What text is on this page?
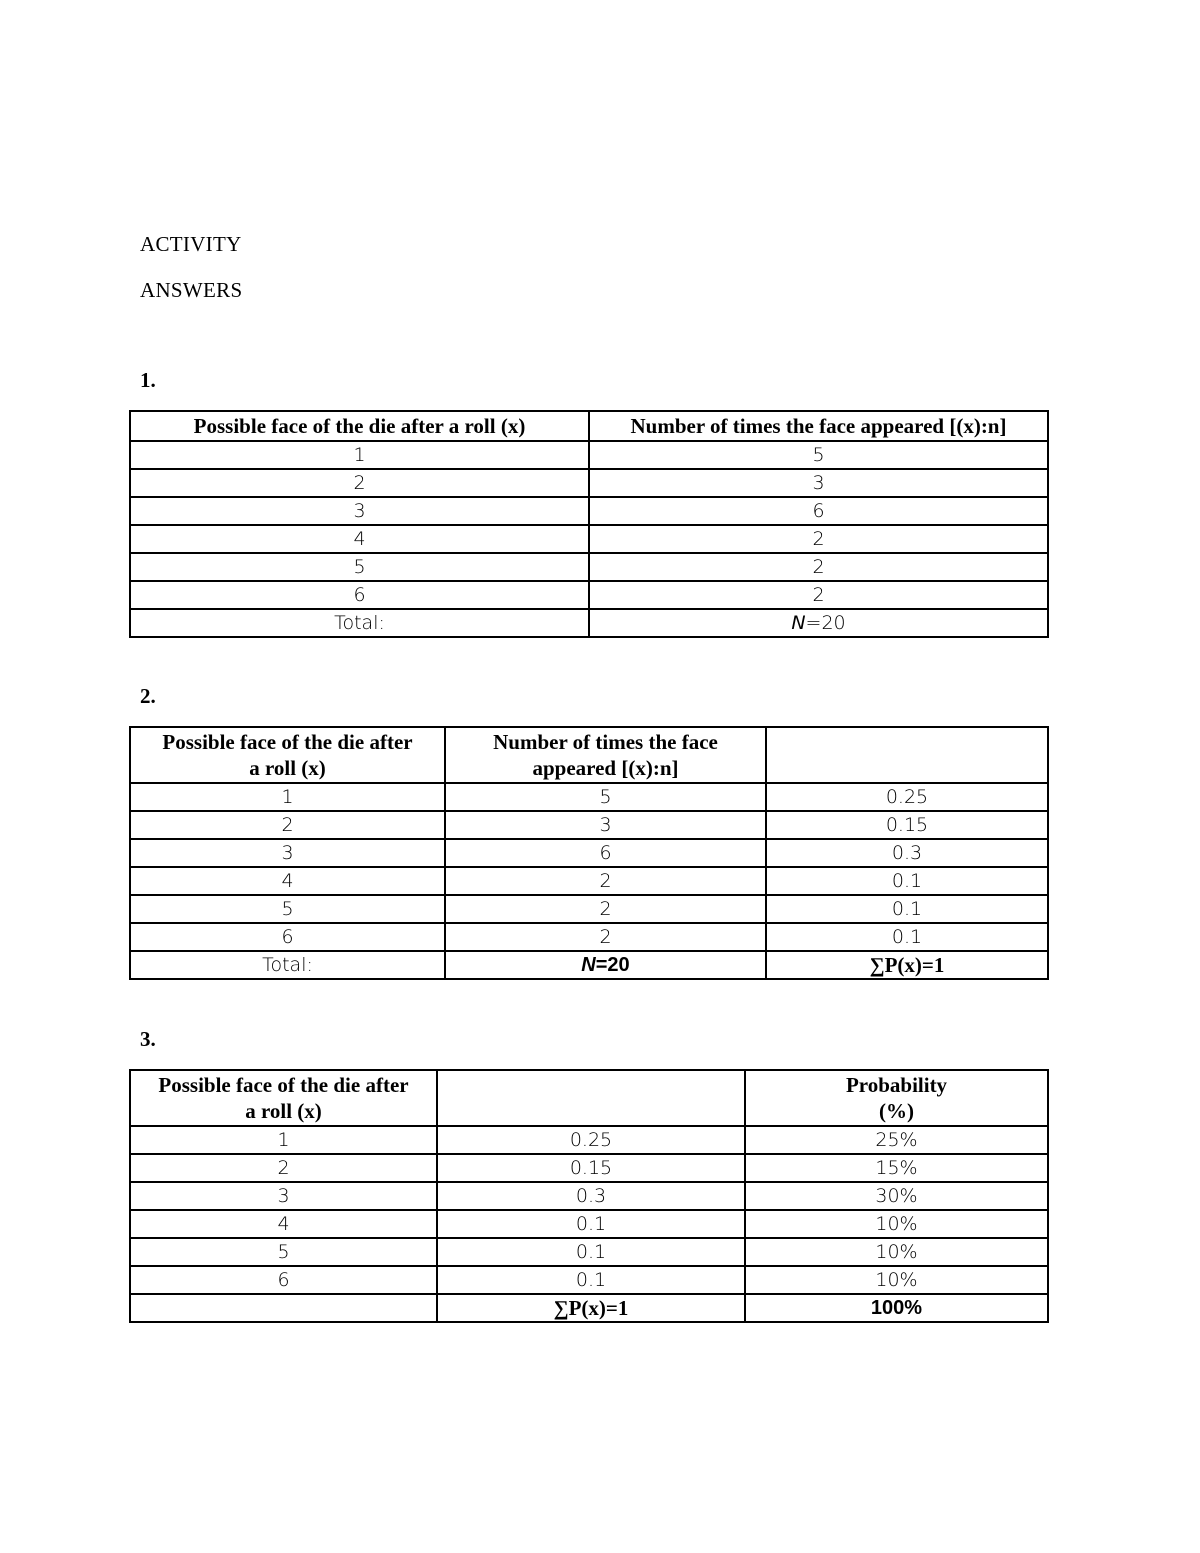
ACTIVITY
ANSWERS
1.
Possible face of the die after a roll (x)	Number of times the face appeared [(x):n]
1	5
2	3
3	6
4	2
5	2
6	2
Total:	N=20
2.
Possible face of the die after
a roll (x)	Number of times the face
appeared [(x):n]	

1	5	0.25
2	3	0.15
3	6	0.3
4	2	0.1
5	2	0.1
6	2	0.1
Total:	N=20	∑P(x)=1
3.
Possible face of the die after
a roll (x)		Probability
(%)

1	0.25	25%
2	0.15	15%
3	0.3	30%
4	0.1	10%
5	0.1	10%
6	0.1	10%
	∑P(x)=1	100%
